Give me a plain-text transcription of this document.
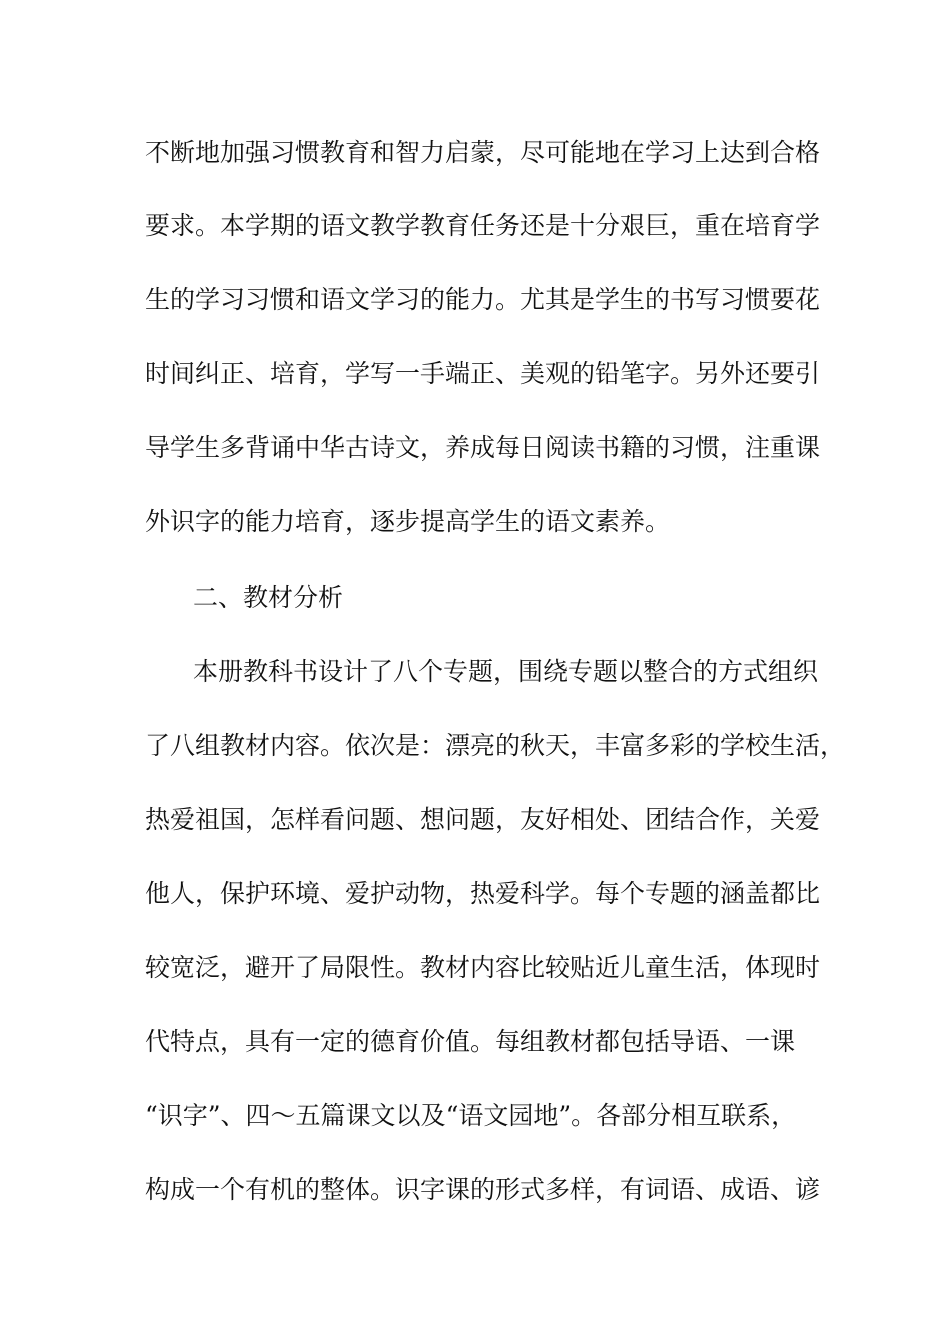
不断地加强习惯教育和智力启蒙，尽可能地在学习上达到合格

要求。本学期的语文教学教育任务还是十分艰巨，重在培育学

生的学习习惯和语文学习的能力。尤其是学生的书写习惯要花

时间纠正、培育，学写一手端正、美观的铅笔字。另外还要引

导学生多背诵中华古诗文，养成每日阅读书籍的习惯，注重课

外识字的能力培育，逐步提高学生的语文素养。

二、教材分析

本册教科书设计了八个专题，围绕专题以整合的方式组织

了八组教材内容。依次是：漂亮的秋天，丰富多彩的学校生活，

热爱祖国，怎样看问题、想问题，友好相处、团结合作，关爱

他人，保护环境、爱护动物，热爱科学。每个专题的涵盖都比

较宽泛，避开了局限性。教材内容比较贴近儿童生活，体现时

代特点，具有一定的德育价值。每组教材都包括导语、一课

“识字”、四～五篇课文以及“语文园地”。各部分相互联系，

构成一个有机的整体。识字课的形式多样，有词语、成语、谚
